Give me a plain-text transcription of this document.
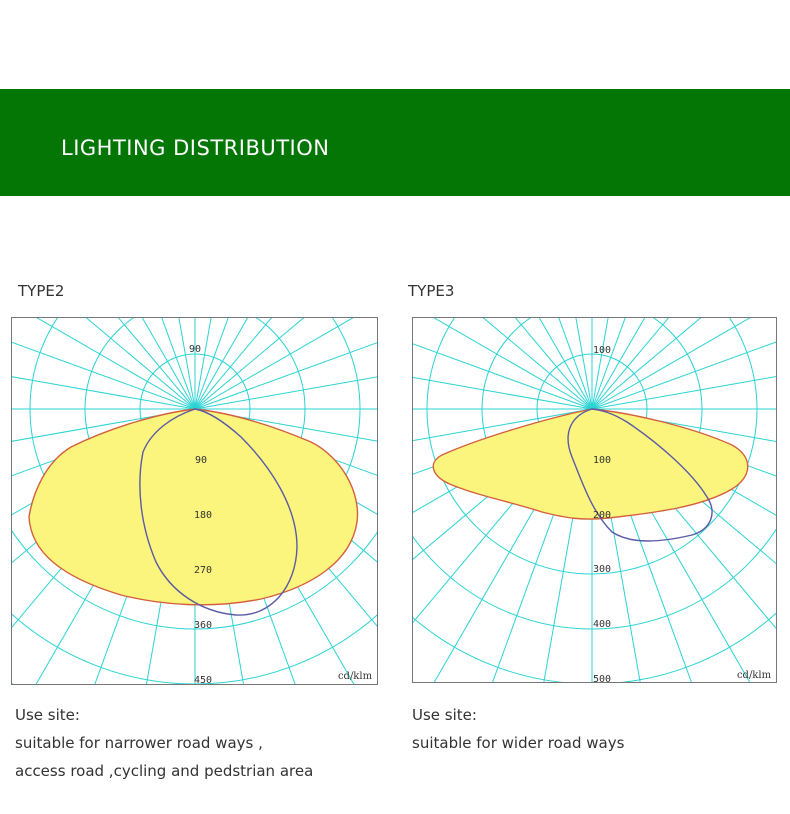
LIGHTING DISTRIBUTION
TYPE2
90
90
180
270
360
450	cd/klm
Use site:
suitable for narrower road ways ,
access road ,cycling and pedstrian area
TYPE3
100
100
200
300
400
500	cd/klm
Use site:
suitable for wider road ways
